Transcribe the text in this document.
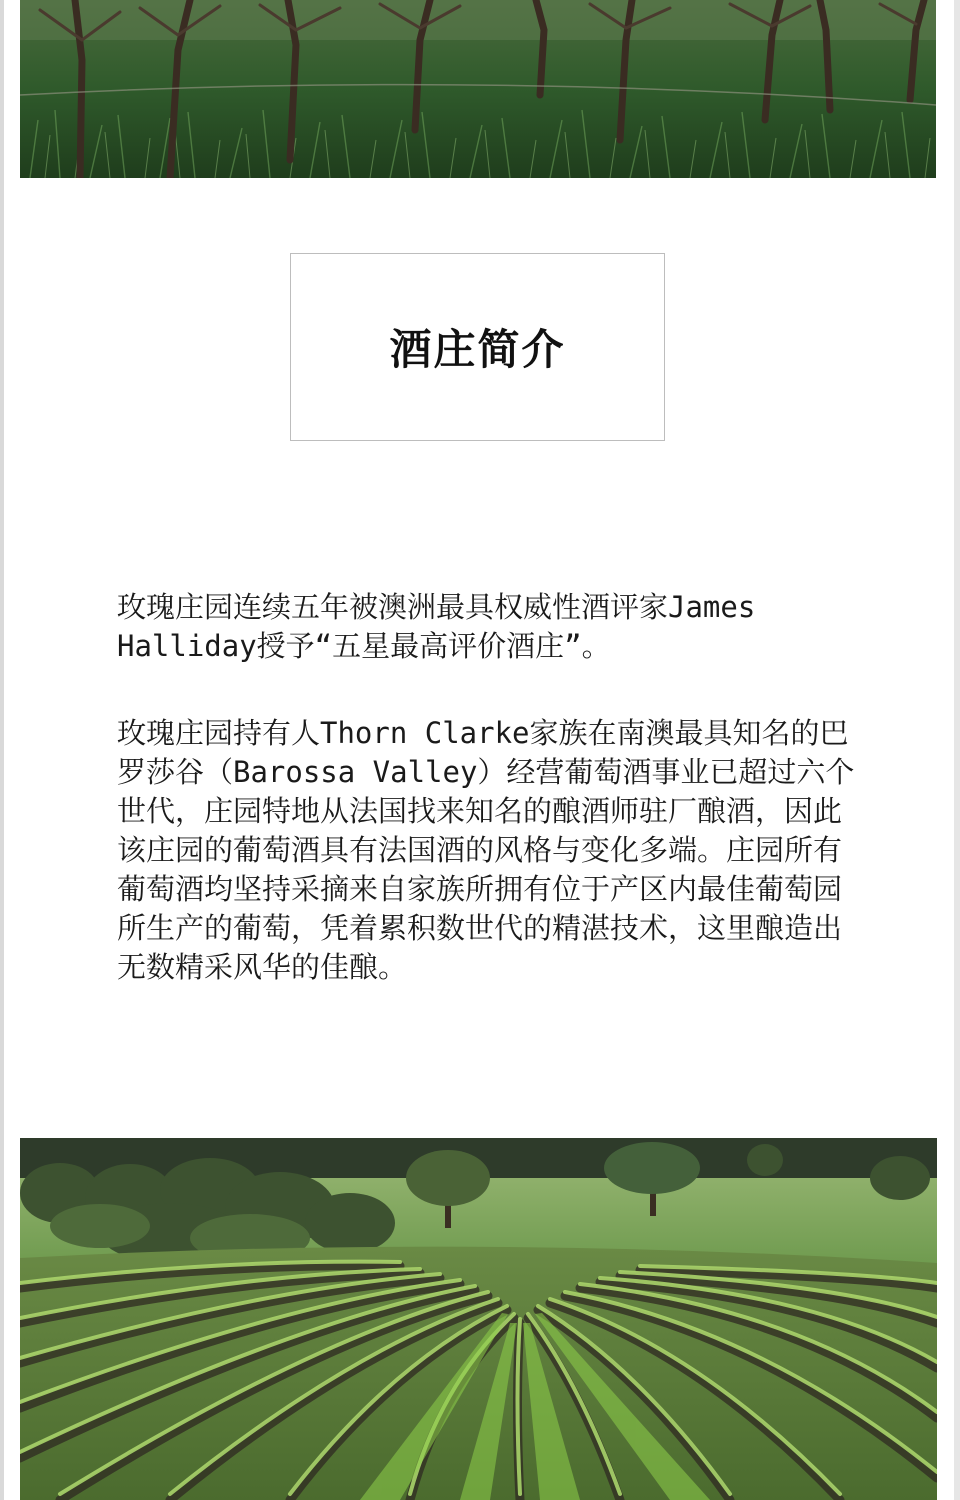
酒庄简介

玫瑰庄园连续五年被澳洲最具权威性酒评家James Halliday授予“五星最高评价酒庄”。

玫瑰庄园持有人Thorn Clarke家族在南澳最具知名的巴罗莎谷（Barossa Valley）经营葡萄酒事业已超过六个世代，庄园特地从法国找来知名的酿酒师驻厂酿酒，因此该庄园的葡萄酒具有法国酒的风格与变化多端。庄园所有葡萄酒均坚持采摘来自家族所拥有位于产区内最佳葡萄园所生产的葡萄，凭着累积数世代的精湛技术，这里酿造出无数精采风华的佳酿。
